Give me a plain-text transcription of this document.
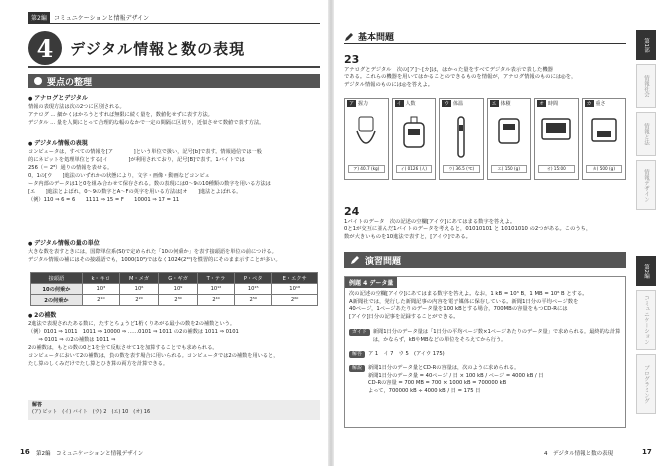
第2編	コミュニケーションと情報デザイン
4	デジタル情報と数の表現
要点の整理
● アナログとデジタル
情報の表現方法は次の2つに区別される。
アナログ … 細かくはかろうとすれば無限に続く量を，数値化せずに表す方法。
デジタル … 量を人間にとって合理的な幅のなかで一定の間隔に区切り，近似させて数値で表す方法。
● デジタル情報の表現
コンピュータは，すべての情報を[ア　　　　]という単位で扱い，記号[b]で表す。情報通信では一般
的にネビットを処理単位とする[イ　　　　]が利用されており，記号[B]で表す。1バイトでは
256（＝ 2⁸）通りの情報を表せる。
0，1の[ウ　　]進法のいずれかの状態により，文字・画像・動画などコンピュ
ータ内部のデータは1と0を組み合わせて保存される。数の表現には0〜9の10種類の数字を用いる方法は
[エ　　]進法とよばれ，0〜9の数字とA〜Fの英字を用いる方法は[オ　　]進法とよばれる。
（例）110 ⇒ 6 = 6　　1111 ⇒ 15 = F　　10001 ⇒ 17 = 11
● デジタル情報の量の単位
大きな数を表すときには，国際単位系(SI)で定められた「10の何乗か」を表す接頭語を単位の前につける。
デジタル情報の補にはその接頭語でも，1000(10³)ではなく1024(2¹⁰)を慣習的にそのまま示すことが多い。
接頭語	k・キロ	M・メガ	G・ギガ	T・テラ	P・ペタ	E・エクサ
10の何乗か	10³	10⁶	10⁹	10¹²	10¹⁵	10¹⁸
2の何乗か	2¹⁰	2²⁰	2³⁰	2⁴⁰	2⁵⁰	2⁶⁰
● 2の補数
2進法で表現されたある数に，たすとちょうど1桁くりあがる最小の数を2の補数という。
（例）0101 ⇒ 1011　1011 ⇒ 10000 ⇒ ……0101 ⇒ 1011 の2の補数は 1011 ⇒ 0101
　　⇒ 0101 ⇒ の2の補数は 1011 ⇒
2の補数は，もとの数の0と1を全て反転させて1を加算することでも求められる。
コンピュータにおいて2の補数は，負の数を表す場合に用いられる。コンピュータでは2の補数を用いると，
たし算のしくみだけでたし算とひき算の両方を計算できる。
解答
(ア) ビット　(イ) バイト　(ウ) 2　(エ) 10　(オ) 16
16 第2編　コミュニケーションと情報デザイン
基本問題
23
アナログとデジタル　次の[ア]〜[カ]は，はかった量をすべてデジタル表示で表した機器
である。これらの機器を用いてはかることのできるものを情報が，アナログ情報のものには◎を，
デジタル情報のものには◎を答えよ。
ア 握力
ア) 40.7 (kg)
イ 人数
イ) 0126 (人)
ウ 体温
ウ) 36.5 (℃)
エ 体積
エ) 150 (g)
オ 時間
オ) 15:00
カ 重さ
カ) 500 (g)
24
1バイトのデータ　次の記述の空欄[アイウ]にあてはまる数字を答えよ。
0と1が交互に並んだ1バイトのデータを考えると，01010101 と 10101010 の2つがある。このうち，
数が大きいものを10進法で表すと，[アイウ]である。
演習問題
例題 4 データ量
次の記述の空欄[アイウ]にあてはまる数字を答えよ。なお，1 kB = 10³ B，1 MB = 10⁶ B とする。
A新聞社では，発行した新聞記事の内容を電子媒体に保存している。新聞1日分の平均ページ数を
40ページ，1ページあたりのデータ量を100 kBとする場合，700MBの容量をもつCD-Rには
[アイウ]日分の記事を記録することができる。
ガイド	新聞1日分のデータ量は「1日分の平均ページ数×1ページあたりのデータ量」で求められる。最終的な計算は，かならず，kBやMBなどの単位をそろえてから行う。
解答	ア 1　イ 7　ウ 5　(アイウ 175)
解説	新聞1日分のデータ量とCD-Rの容量は，次のように求められる。
新聞1日分のデータ量 = 40ページ / 日 × 100 kB / ページ = 4000 kB / 日
CD-Rの容量 = 700 MB = 700 × 1000 kB = 700000 kB
よって，700000 kB ÷ 4000 kB / 日 = 175 日
第1部
情報社会
情報と法
情報デザイン
第2編
コミュニケーション
プログラミング
4　デジタル情報と数の表現	17
